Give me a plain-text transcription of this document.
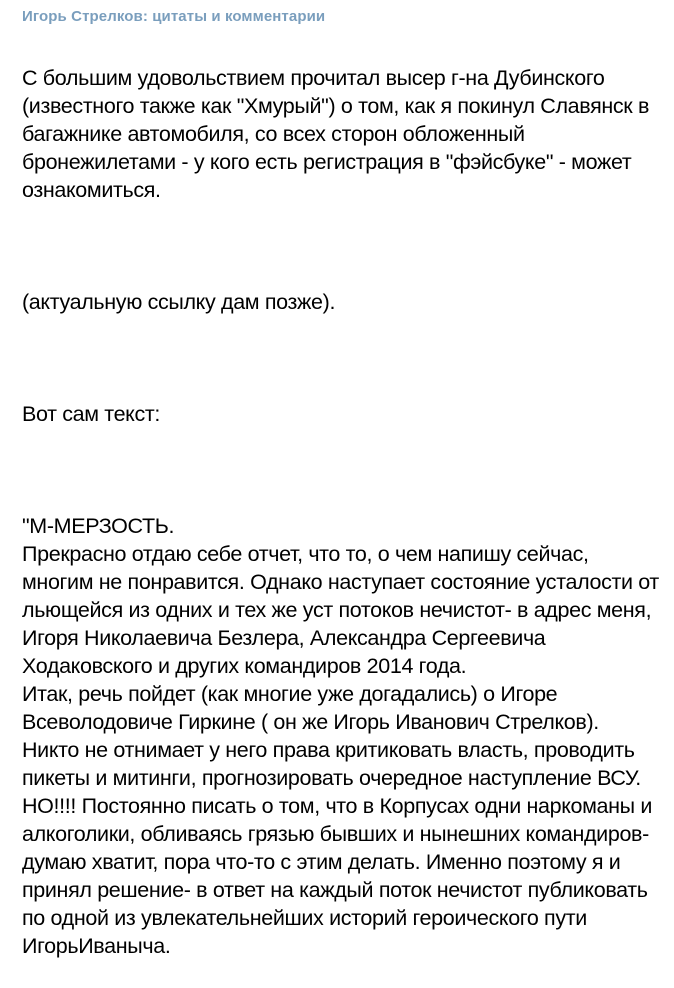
Игорь Стрелков: цитаты и комментарии

С большим удовольствием прочитал высер г-на Дубинского (известного также как "Хмурый") о том, как я покинул Славянск в багажнике автомобиля, со всех сторон обложенный бронежилетами - у кого есть регистрация в "фэйсбуке" - может ознакомиться.

(актуальную ссылку дам позже).

Вот сам текст:

"М-МЕРЗОСТЬ.
Прекрасно отдаю себе отчет, что то, о чем напишу сейчас, многим не понравится. Однако наступает состояние усталости от льющейся из одних и тех же уст потоков нечистот- в адрес меня, Игоря Николаевича Безлера, Александра Сергеевича Ходаковского и других командиров 2014 года.
Итак, речь пойдет (как многие уже догадались) о Игоре Всеволодовиче Гиркине ( он же Игорь Иванович Стрелков). Никто не отнимает у него права критиковать власть, проводить пикеты и митинги, прогнозировать очередное наступление ВСУ. НО!!!! Постоянно писать о том, что в Корпусах одни наркоманы и алкоголики, обливаясь грязью бывших и нынешних командиров- думаю хватит, пора что-то с этим делать. Именно поэтому я и принял решение- в ответ на каждый поток нечистот публиковать по одной из увлекательнейших историй героического пути ИгорьИваныча.
